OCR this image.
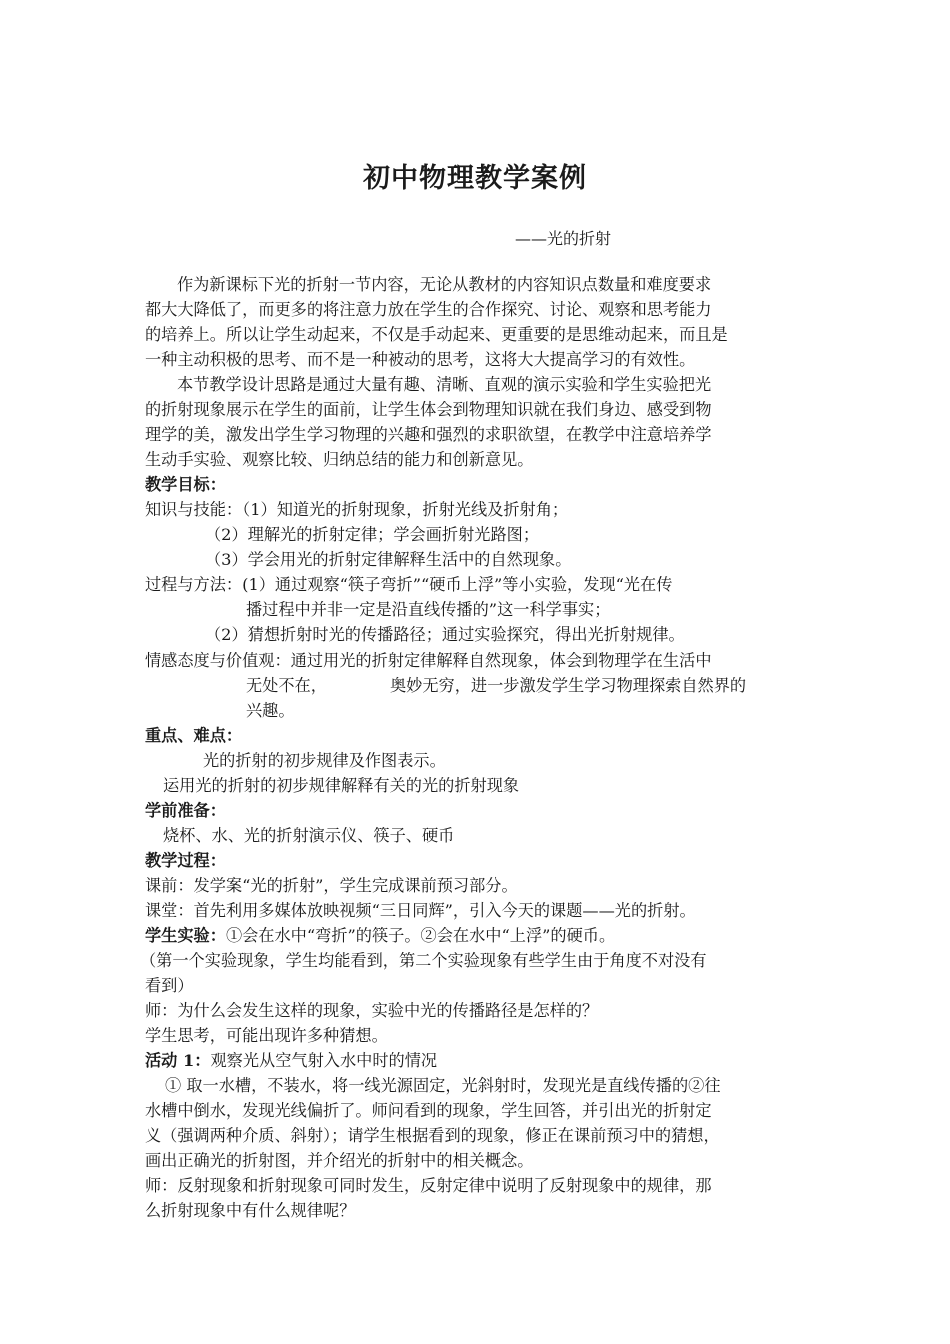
初中物理教学案例
——光的折射
作为新课标下光的折射一节内容，无论从教材的内容知识点数量和难度要求
都大大降低了，而更多的将注意力放在学生的合作探究、讨论、观察和思考能力
的培养上。所以让学生动起来，不仅是手动起来、更重要的是思维动起来，而且是
一种主动积极的思考、而不是一种被动的思考，这将大大提高学习的有效性。
本节教学设计思路是通过大量有趣、清晰、直观的演示实验和学生实验把光
的折射现象展示在学生的面前，让学生体会到物理知识就在我们身边、感受到物
理学的美，激发出学生学习物理的兴趣和强烈的求职欲望，在教学中注意培养学
生动手实验、观察比较、归纳总结的能力和创新意见。
教学目标：
知识与技能：（1）知道光的折射现象，折射光线及折射角；
（2）理解光的折射定律；学会画折射光路图；
（3）学会用光的折射定律解释生活中的自然现象。
过程与方法：(1）通过观察“筷子弯折”“硬币上浮”等小实验，发现“光在传
播过程中并非一定是沿直线传播的”这一科学事实；
（2）猜想折射时光的传播路径；通过实验探究，得出光折射规律。
情感态度与价值观：通过用光的折射定律解释自然现象，体会到物理学在生活中
无处不在，	奥妙无穷，进一步激发学生学习物理探索自然界的
兴趣。
重点、难点：
光的折射的初步规律及作图表示。
运用光的折射的初步规律解释有关的光的折射现象
学前准备：
烧杯、水、光的折射演示仪、筷子、硬币
教学过程：
课前：发学案“光的折射”，学生完成课前预习部分。
课堂：首先利用多媒体放映视频“三日同辉”，引入今天的课题——光的折射。
学生实验：①会在水中“弯折”的筷子。②会在水中“上浮”的硬币。
（第一个实验现象，学生均能看到，第二个实验现象有些学生由于角度不对没有
看到）
师：为什么会发生这样的现象，实验中光的传播路径是怎样的？
学生思考，可能出现许多种猜想。
活动 1：观察光从空气射入水中时的情况
① 取一水槽，不装水，将一线光源固定，光斜射时，发现光是直线传播的②往
水槽中倒水，发现光线偏折了。师问看到的现象，学生回答，并引出光的折射定
义（强调两种介质、斜射）；请学生根据看到的现象，修正在课前预习中的猜想，
画出正确光的折射图，并介绍光的折射中的相关概念。
师：反射现象和折射现象可同时发生，反射定律中说明了反射现象中的规律，那
么折射现象中有什么规律呢？
